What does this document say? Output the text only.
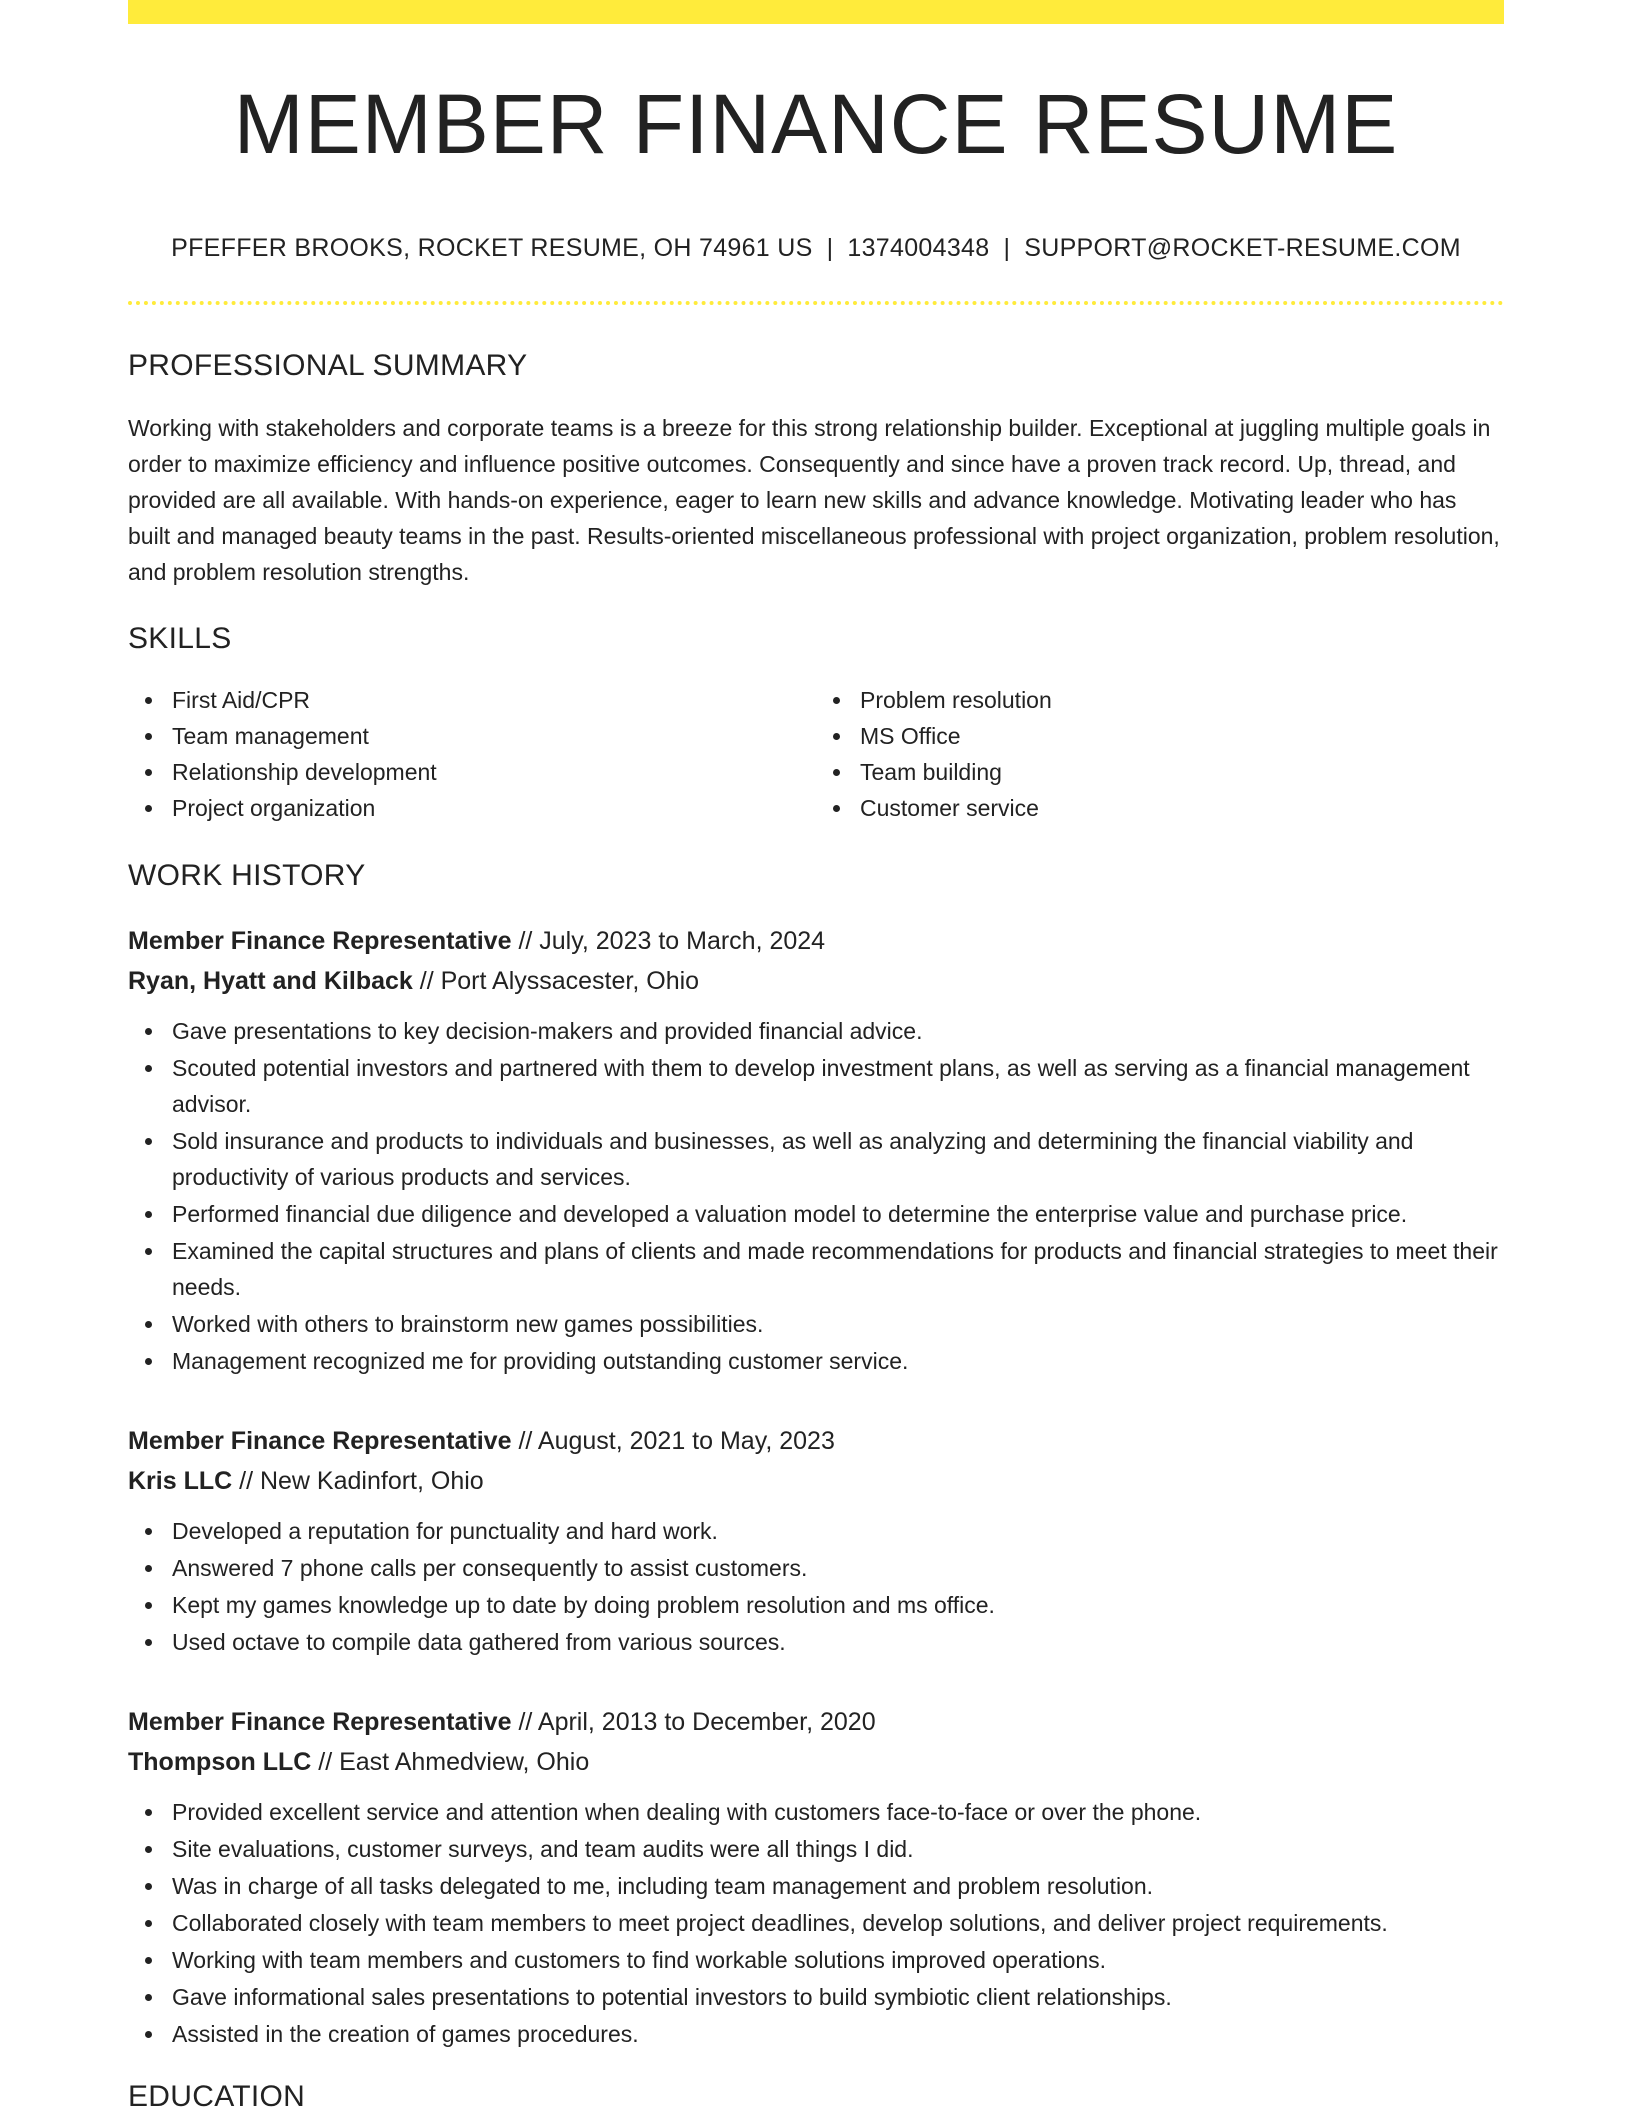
MEMBER FINANCE RESUME
PFEFFER BROOKS, ROCKET RESUME, OH 74961 US | 1374004348 | SUPPORT@ROCKET-RESUME.COM
PROFESSIONAL SUMMARY
Working with stakeholders and corporate teams is a breeze for this strong relationship builder. Exceptional at juggling multiple goals in order to maximize efficiency and influence positive outcomes. Consequently and since have a proven track record. Up, thread, and provided are all available. With hands-on experience, eager to learn new skills and advance knowledge. Motivating leader who has built and managed beauty teams in the past. Results-oriented miscellaneous professional with project organization, problem resolution, and problem resolution strengths.
SKILLS
First Aid/CPR
Team management
Relationship development
Project organization
Problem resolution
MS Office
Team building
Customer service
WORK HISTORY
Member Finance Representative // July, 2023 to March, 2024
Ryan, Hyatt and Kilback // Port Alyssacester, Ohio
Gave presentations to key decision-makers and provided financial advice.
Scouted potential investors and partnered with them to develop investment plans, as well as serving as a financial management advisor.
Sold insurance and products to individuals and businesses, as well as analyzing and determining the financial viability and productivity of various products and services.
Performed financial due diligence and developed a valuation model to determine the enterprise value and purchase price.
Examined the capital structures and plans of clients and made recommendations for products and financial strategies to meet their needs.
Worked with others to brainstorm new games possibilities.
Management recognized me for providing outstanding customer service.
Member Finance Representative // August, 2021 to May, 2023
Kris LLC // New Kadinfort, Ohio
Developed a reputation for punctuality and hard work.
Answered 7 phone calls per consequently to assist customers.
Kept my games knowledge up to date by doing problem resolution and ms office.
Used octave to compile data gathered from various sources.
Member Finance Representative // April, 2013 to December, 2020
Thompson LLC // East Ahmedview, Ohio
Provided excellent service and attention when dealing with customers face-to-face or over the phone.
Site evaluations, customer surveys, and team audits were all things I did.
Was in charge of all tasks delegated to me, including team management and problem resolution.
Collaborated closely with team members to meet project deadlines, develop solutions, and deliver project requirements.
Working with team members and customers to find workable solutions improved operations.
Gave informational sales presentations to potential investors to build symbiotic client relationships.
Assisted in the creation of games procedures.
EDUCATION
